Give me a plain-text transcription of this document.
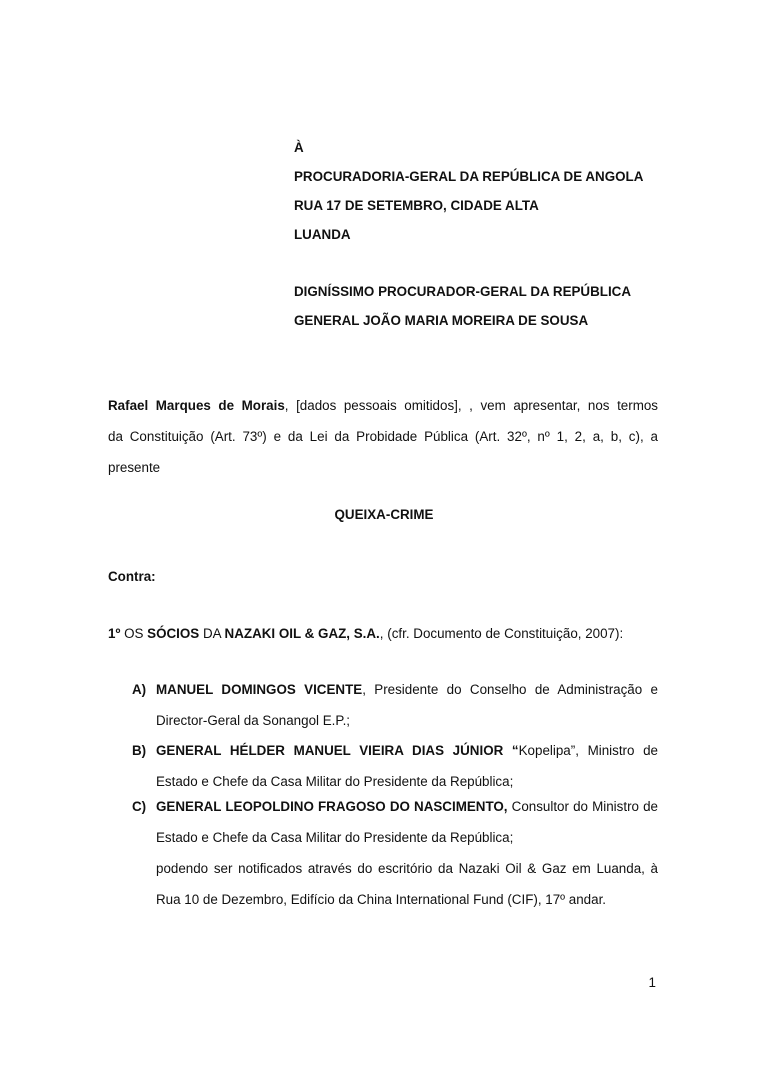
À
PROCURADORIA-GERAL DA REPÚBLICA DE ANGOLA
RUA 17 DE SETEMBRO, CIDADE ALTA
LUANDA
DIGNÍSSIMO PROCURADOR-GERAL DA REPÚBLICA
GENERAL JOÃO MARIA MOREIRA DE SOUSA
Rafael Marques de Morais, [dados pessoais omitidos], , vem apresentar, nos termos
da Constituição (Art. 73º) e da Lei da Probidade Pública (Art. 32º, nº 1, 2, a, b, c), a
presente
QUEIXA-CRIME
Contra:
1º OS SÓCIOS DA NAZAKI OIL & GAZ, S.A., (cfr. Documento de Constituição, 2007):
A) MANUEL DOMINGOS VICENTE, Presidente do Conselho de Administração e
Director-Geral da Sonangol E.P.;
B) GENERAL HÉLDER MANUEL VIEIRA DIAS JÚNIOR “Kopelipa”, Ministro de
Estado e Chefe da Casa Militar do Presidente da República;
C) GENERAL LEOPOLDINO FRAGOSO DO NASCIMENTO, Consultor do Ministro de
Estado e Chefe da Casa Militar do Presidente da República;
podendo ser notificados através do escritório da Nazaki Oil & Gaz em Luanda, à
Rua 10 de Dezembro, Edifício da China International Fund (CIF), 17º andar.
1
